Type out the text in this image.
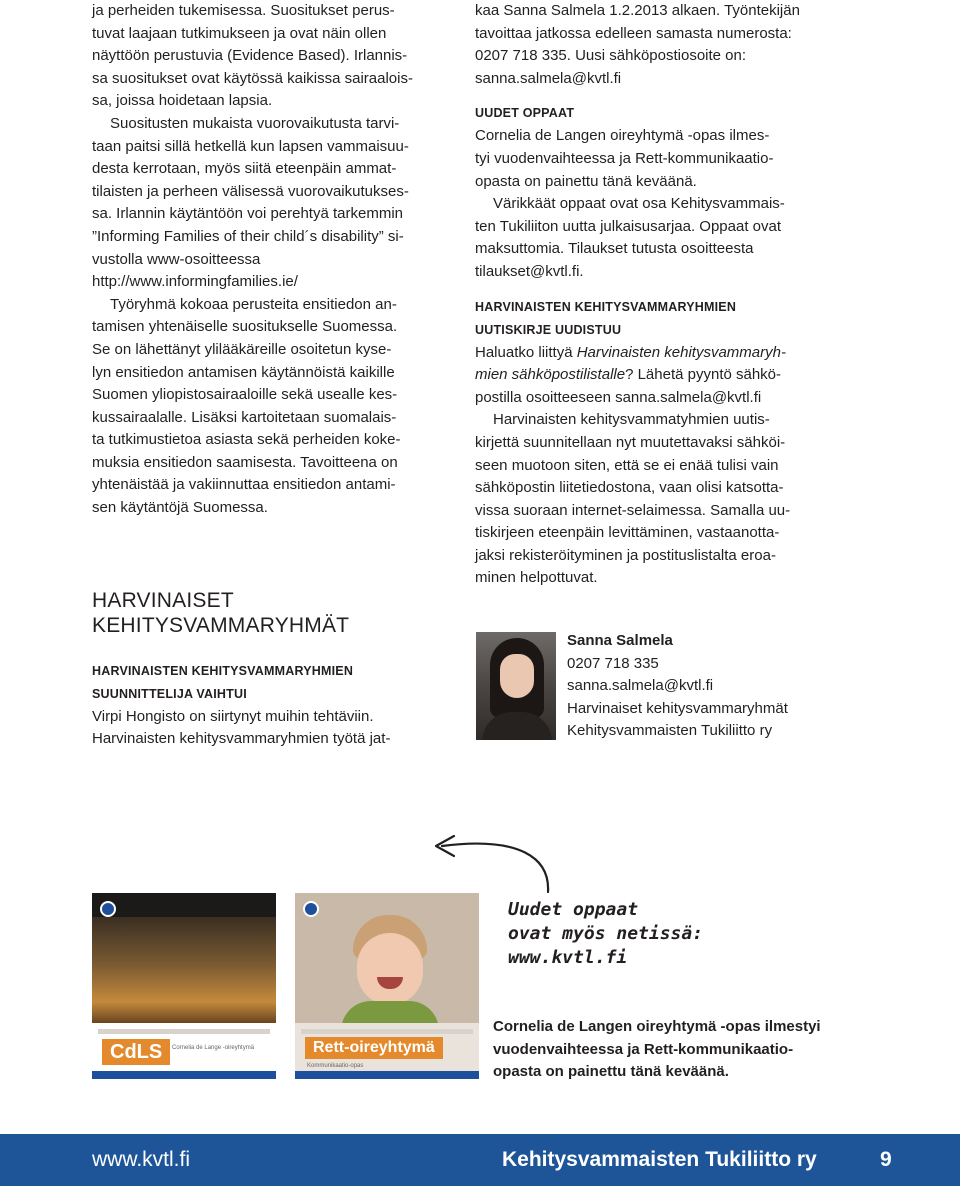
ja perheiden tukemisessa. Suositukset perus-
tuvat laajaan tutkimukseen ja ovat näin ollen
näyttöön perustuvia (Evidence Based). Irlannis-
sa suositukset ovat käytössä kaikissa sairaalois-
sa, joissa hoidetaan lapsia.

Suositusten mukaista vuorovaikutusta tarvi-
taan paitsi sillä hetkellä kun lapsen vammaisuu-
desta kerrotaan, myös siitä eteenpäin ammat-
tilaisten ja perheen välisessä vuorovaikutukses-
sa. Irlannin käytäntöön voi perehtyä tarkemmin
”Informing Families of their child´s disability” si-
vustolla www-osoitteessa
http://www.informingfamilies.ie/

Työryhmä kokoaa perusteita ensitiedon an-
tamisen yhtenäiselle suositukselle Suomessa.
Se on lähettänyt ylilääkäreille osoitetun kyse-
lyn ensitiedon antamisen käytännöistä kaikille
Suomen yliopistosairaaloille sekä usealle kes-
kussairaalalle. Lisäksi kartoitetaan suomalais-
ta tutkimustietoa asiasta sekä perheiden koke-
muksia ensitiedon saamisesta. Tavoitteena on
yhtenäistää ja vakiinnuttaa ensitiedon antami-
sen käytäntöjä Suomessa.

HARVINAISET
KEHITYSVAMMARYHMÄT
HARVINAISTEN KEHITYSVAMMARYHMIEN
SUUNNITTELIJA VAIHTUI

Virpi Hongisto on siirtynyt muihin tehtäviin.
Harvinaisten kehitysvammaryhmien työtä jat-

kaa Sanna Salmela 1.2.2013 alkaen. Työntekijän
tavoittaa jatkossa edelleen samasta numerosta:
0207 718 335. Uusi sähköpostiosoite on:
sanna.salmela@kvtl.fi

UUDET OPPAAT

Cornelia de Langen oireyhtymä -opas ilmes-
tyi vuodenvaihteessa ja Rett-kommunikaatio-
opasta on painettu tänä keväänä.

Värikkäät oppaat ovat osa Kehitysvammais-
ten Tukiliiton uutta julkaisusarjaa. Oppaat ovat
maksuttomia. Tilaukset tutusta osoitteesta
tilaukset@kvtl.fi.

HARVINAISTEN KEHITYSVAMMARYHMIEN
UUTISKIRJE UUDISTUU

Haluatko liittyä Harvinaisten kehitysvammaryh-
mien sähköpostilistalle? Lähetä pyyntö sähkö-
postilla osoitteeseen sanna.salmela@kvtl.fi

Harvinaisten kehitysvammatyhmien uutis-
kirjettä suunnitellaan nyt muutettavaksi sähköi-
seen muotoon siten, että se ei enää tulisi vain
sähköpostin liitetiedostona, vaan olisi katsotta-
vissa suoraan internet-selaimessa. Samalla uu-
tiskirjeen eteenpäin levittäminen, vastaanotta-
jaksi rekisteröityminen ja postituslistalta eroa-
minen helpottuvat.

Sanna Salmela
0207 718 335
sanna.salmela@kvtl.fi
Harvinaiset kehitysvammaryhmät
Kehitysvammaisten Tukiliitto ry
CdLS	Cornelia de Lange -oireyhtymä	Rett-oireyhtymä
Kommunikaatio-opas
Uudet oppaat
ovat myös netissä:
www.kvtl.fi
Cornelia de Langen oireyhtymä -opas ilmestyi
vuodenvaihteessa ja Rett-kommunikaatio-
opasta on painettu tänä keväänä.
www.kvtl.fi	Kehitysvammaisten Tukiliitto ry	9
